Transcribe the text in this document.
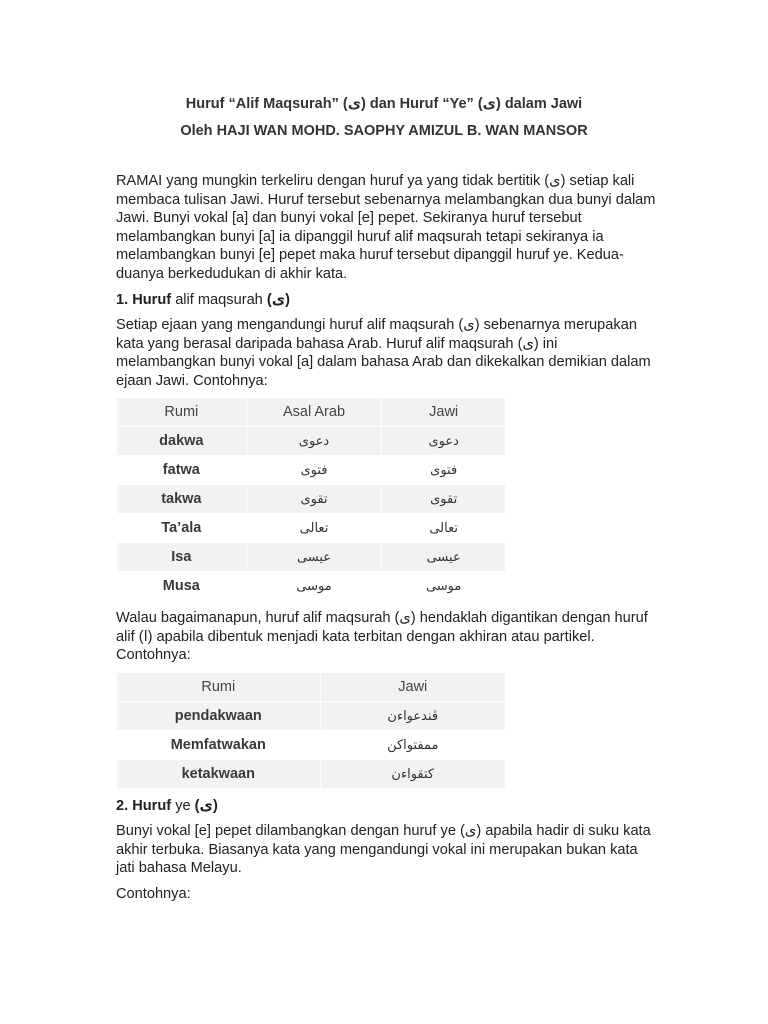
Huruf “Alif Maqsurah” (ى) dan Huruf “Ye” (ى) dalam Jawi
Oleh HAJI WAN MOHD. SAOPHY AMIZUL B. WAN MANSOR
RAMAI yang mungkin terkeliru dengan huruf ya yang tidak bertitik (ى) setiap kali membaca tulisan Jawi. Huruf tersebut sebenarnya melambangkan dua bunyi dalam Jawi. Bunyi vokal [a] dan bunyi vokal [e] pepet. Sekiranya huruf tersebut melambangkan bunyi [a] ia dipanggil huruf alif maqsurah tetapi sekiranya ia melambangkan bunyi [e] pepet maka huruf tersebut dipanggil huruf ye. Kedua-duanya berkedudukan di akhir kata.
1. Huruf alif maqsurah (ى)
Setiap ejaan yang mengandungi huruf alif maqsurah (ى) sebenarnya merupakan kata yang berasal daripada bahasa Arab. Huruf alif maqsurah (ى) ini melambangkan bunyi vokal [a] dalam bahasa Arab dan dikekalkan demikian dalam ejaan Jawi. Contohnya:
Rumi	Asal Arab	Jawi
dakwa	دعوى	دعوى
fatwa	فتوى	فتوى
takwa	تقوى	تقوى
Ta’ala	تعالى	تعالى
Isa	عيسى	عيسى
Musa	موسى	موسى
Walau bagaimanapun, huruf alif maqsurah (ى) hendaklah digantikan dengan huruf alif (ا) apabila dibentuk menjadi kata terbitan dengan akhiran atau partikel. Contohnya:
Rumi	Jawi
pendakwaan	ڤندعواءن
Memfatwakan	ممفتواكن
ketakwaan	كتقواءن
2. Huruf ye (ى)
Bunyi vokal [e] pepet dilambangkan dengan huruf ye (ى) apabila hadir di suku kata akhir terbuka. Biasanya kata yang mengandungi vokal ini merupakan bukan kata jati bahasa Melayu.
Contohnya:
